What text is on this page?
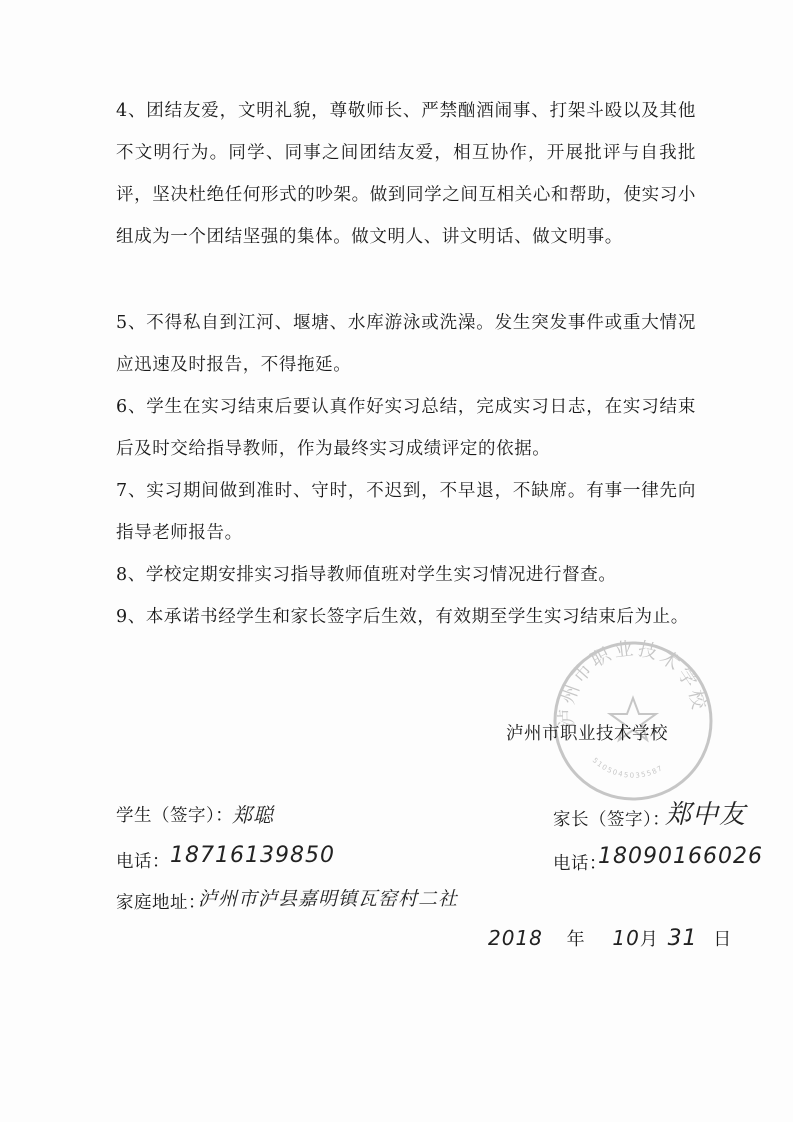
4、团结友爱，文明礼貌，尊敬师长、严禁酗酒闹事、打架斗殴以及其他不文明行为。同学、同事之间团结友爱，相互协作，开展批评与自我批评，坚决杜绝任何形式的吵架。做到同学之间互相关心和帮助，使实习小组成为一个团结坚强的集体。做文明人、讲文明话、做文明事。

5、不得私自到江河、堰塘、水库游泳或洗澡。发生突发事件或重大情况应迅速及时报告，不得拖延。

6、学生在实习结束后要认真作好实习总结，完成实习日志，在实习结束后及时交给指导教师，作为最终实习成绩评定的依据。

7、实习期间做到准时、守时，不迟到，不早退，不缺席。有事一律先向指导老师报告。

8、学校定期安排实习指导教师值班对学生实习情况进行督查。

9、本承诺书经学生和家长签字后生效，有效期至学生实习结束后为止。

泸州市职业技术学校
5105045035587
泸州市职业技术学校
学生（签字）：
郑聪
电话： 18716139850
家庭地址：
泸州市泸县嘉明镇瓦窑村二社
家长（签字）：
郑中友
电话：
18090166026
2018 年 10月 31 日
